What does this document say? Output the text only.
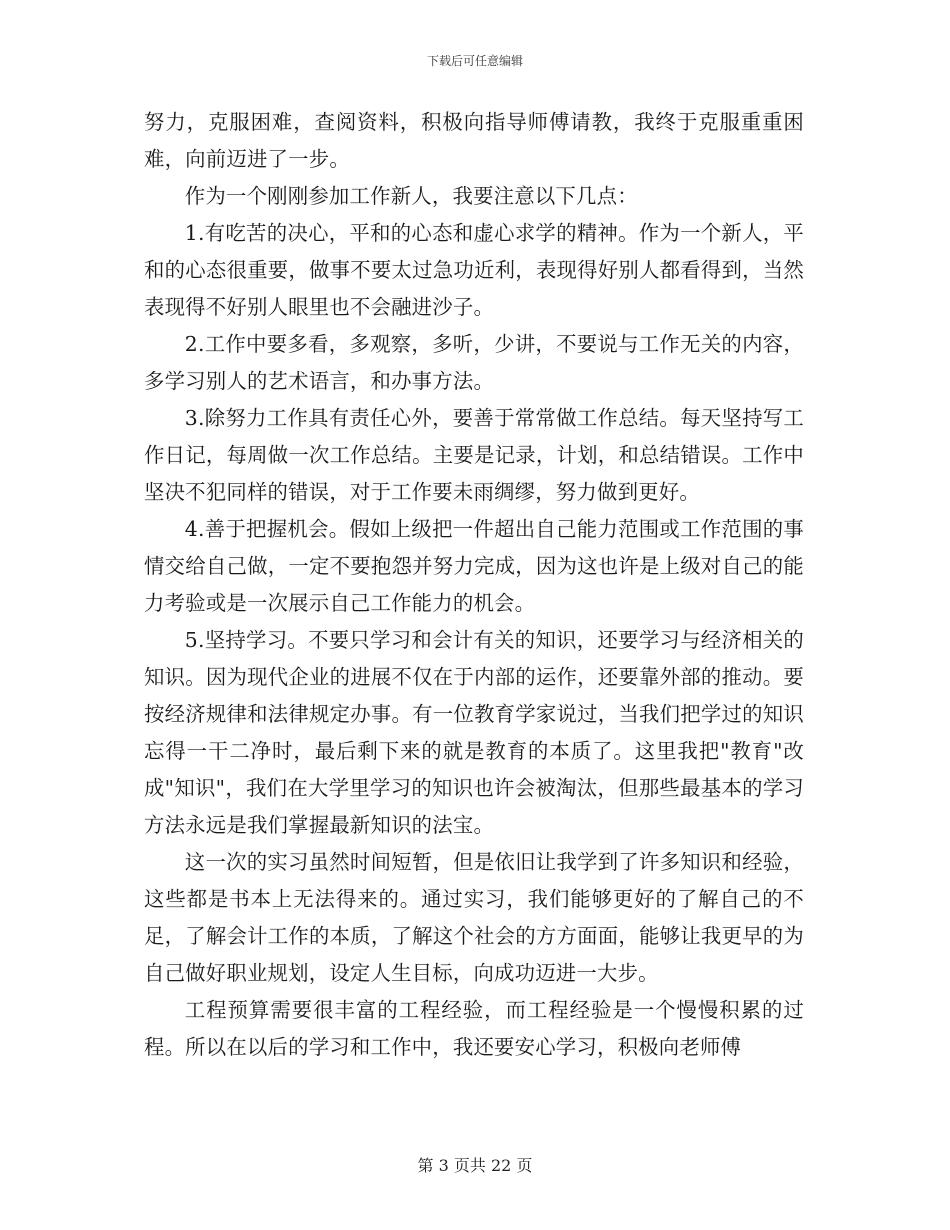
下载后可任意编辑

努力，克服困难，查阅资料，积极向指导师傅请教，我终于克服重重困难，向前迈进了一步。

作为一个刚刚参加工作新人，我要注意以下几点：

1.有吃苦的决心，平和的心态和虚心求学的精神。作为一个新人，平和的心态很重要，做事不要太过急功近利，表现得好别人都看得到，当然表现得不好别人眼里也不会融进沙子。

2.工作中要多看，多观察，多听，少讲，不要说与工作无关的内容，多学习别人的艺术语言，和办事方法。

3.除努力工作具有责任心外，要善于常常做工作总结。每天坚持写工作日记，每周做一次工作总结。主要是记录，计划，和总结错误。工作中坚决不犯同样的错误，对于工作要未雨绸缪，努力做到更好。

4.善于把握机会。假如上级把一件超出自己能力范围或工作范围的事情交给自己做，一定不要抱怨并努力完成，因为这也许是上级对自己的能力考验或是一次展示自己工作能力的机会。

5.坚持学习。不要只学习和会计有关的知识，还要学习与经济相关的知识。因为现代企业的进展不仅在于内部的运作，还要靠外部的推动。要按经济规律和法律规定办事。有一位教育学家说过，当我们把学过的知识忘得一干二净时，最后剩下来的就是教育的本质了。这里我把"教育"改成"知识"，我们在大学里学习的知识也许会被淘汰，但那些最基本的学习方法永远是我们掌握最新知识的法宝。

这一次的实习虽然时间短暂，但是依旧让我学到了许多知识和经验，这些都是书本上无法得来的。通过实习，我们能够更好的了解自己的不足，了解会计工作的本质，了解这个社会的方方面面，能够让我更早的为自己做好职业规划，设定人生目标，向成功迈进一大步。

工程预算需要很丰富的工程经验，而工程经验是一个慢慢积累的过程。所以在以后的学习和工作中，我还要安心学习，积极向老师傅

第 3 页共 22 页
